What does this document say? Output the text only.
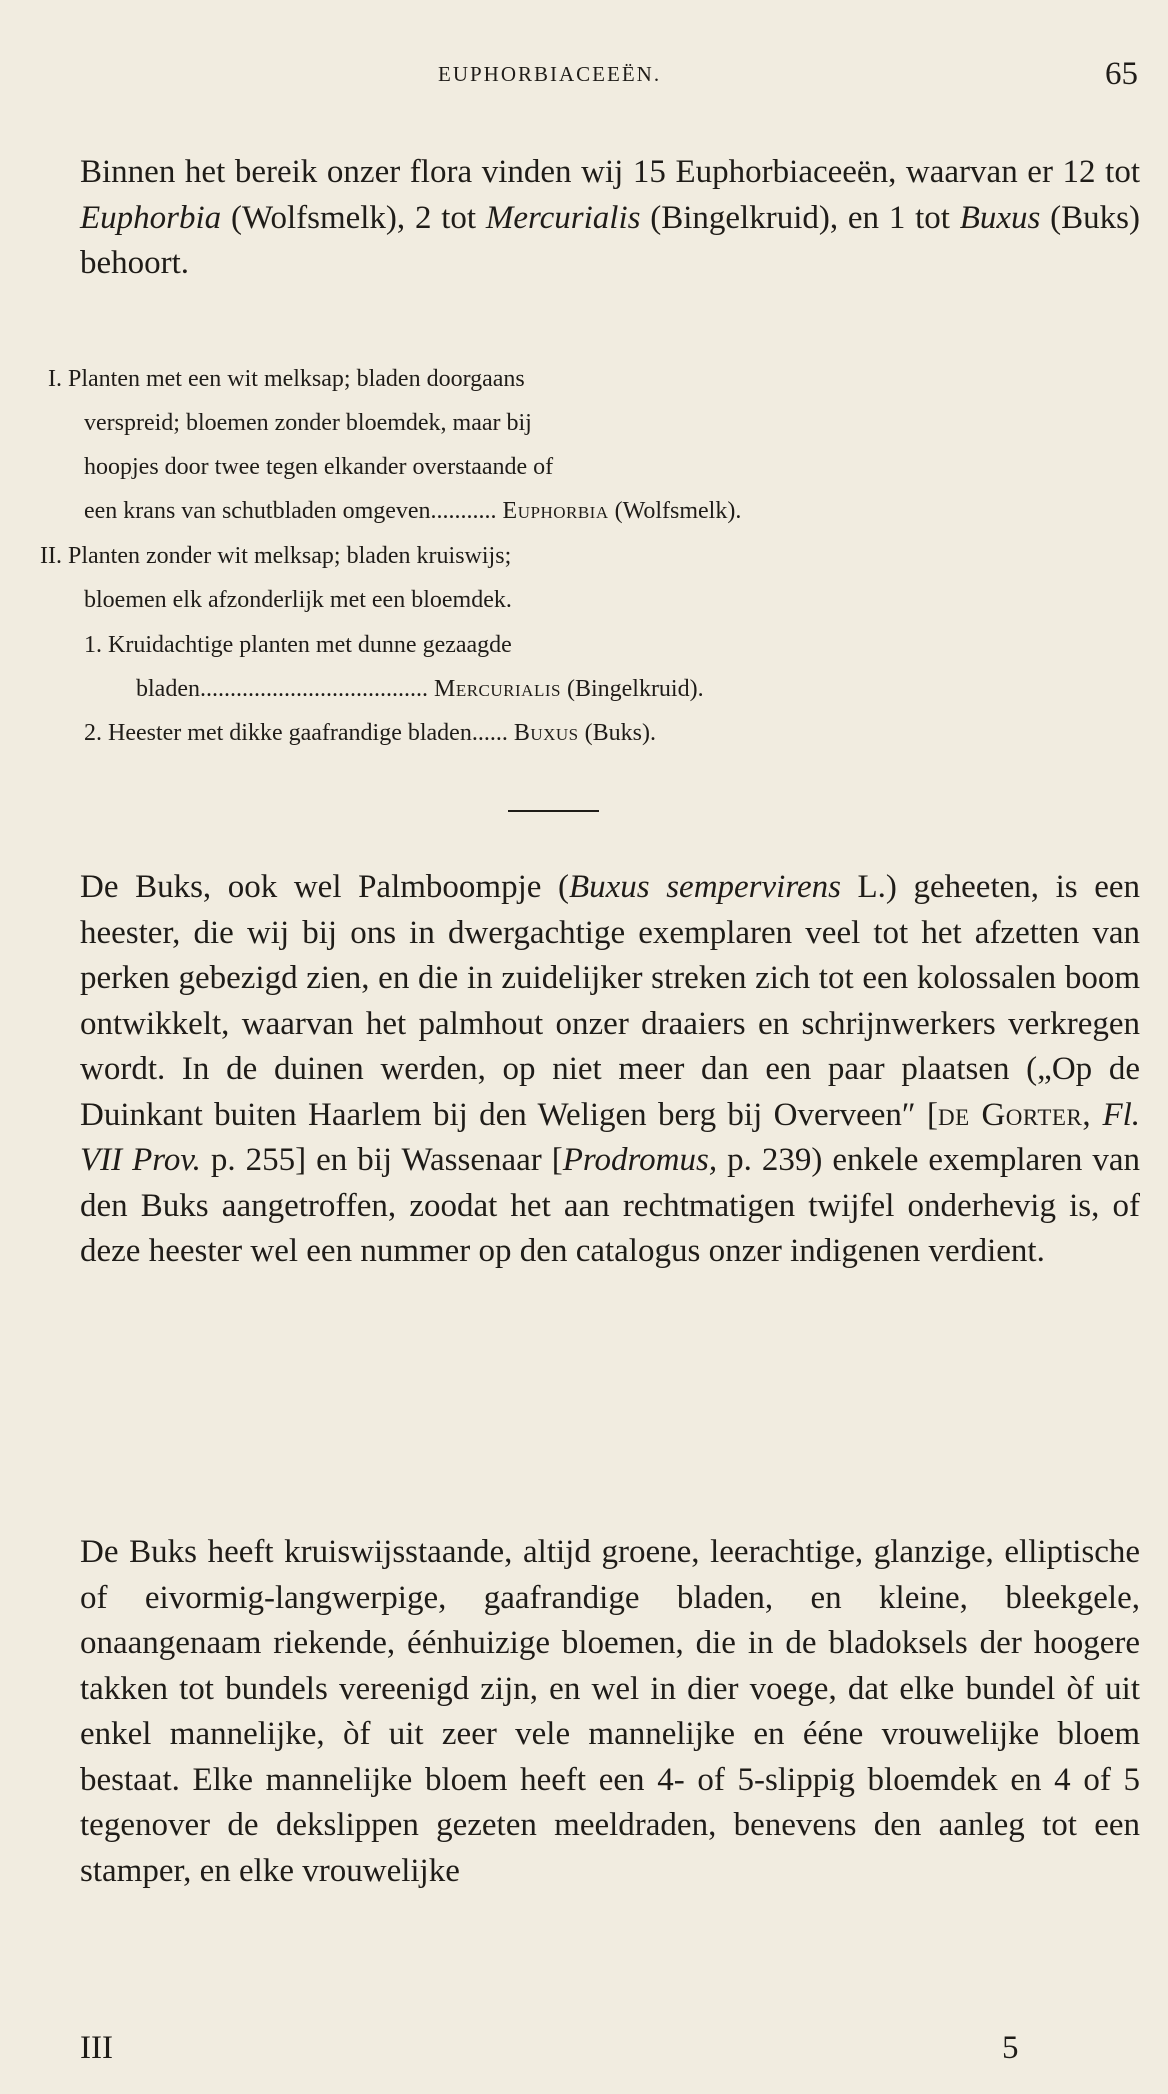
EUPHORBIACEEËN.	65

Binnen het bereik onzer flora vinden wij 15 Euphorbiaceeën, waarvan er 12 tot Euphorbia (Wolfsmelk), 2 tot Mercurialis (Bingelkruid), en 1 tot Buxus (Buks) behoort.

I. Planten met een wit melksap; bladen doorgaans
verspreid; bloemen zonder bloemdek, maar bij
hoopjes door twee tegen elkander overstaande of
een krans van schutbladen omgeven........... Euphorbia (Wolfsmelk).
II. Planten zonder wit melksap; bladen kruiswijs;
bloemen elk afzonderlijk met een bloemdek.
1. Kruidachtige planten met dunne gezaagde
bladen...................................... Mercurialis (Bingelkruid).
2. Heester met dikke gaafrandige bladen...... Buxus (Buks).

De Buks, ook wel Palmboompje (Buxus sempervirens L.) geheeten, is een heester, die wij bij ons in dwergachtige exemplaren veel tot het afzetten van perken gebezigd zien, en die in zuidelijker streken zich tot een kolossalen boom ontwikkelt, waarvan het palmhout onzer draaiers en schrijnwerkers verkregen wordt. In de duinen werden, op niet meer dan een paar plaatsen („Op de Duinkant buiten Haarlem bij den Weligen berg bij Overveen″ [de Gorter, Fl. VII Prov. p. 255] en bij Wassenaar [Prodromus, p. 239) enkele exemplaren van den Buks aangetroffen, zoodat het aan rechtmatigen twijfel onderhevig is, of deze heester wel een nummer op den catalogus onzer indigenen verdient.

De Buks heeft kruiswijsstaande, altijd groene, leerachtige, glanzige, elliptische of eivormig-langwerpige, gaafrandige bladen, en kleine, bleekgele, onaangenaam riekende, éénhuizige bloemen, die in de bladoksels der hoogere takken tot bundels vereenigd zijn, en wel in dier voege, dat elke bundel òf uit enkel mannelijke, òf uit zeer vele mannelijke en ééne vrouwelijke bloem bestaat. Elke mannelijke bloem heeft een 4- of 5-slippig bloemdek en 4 of 5 tegenover de dekslippen gezeten meeldraden, benevens den aanleg tot een stamper, en elke vrouwelijke

III	5
